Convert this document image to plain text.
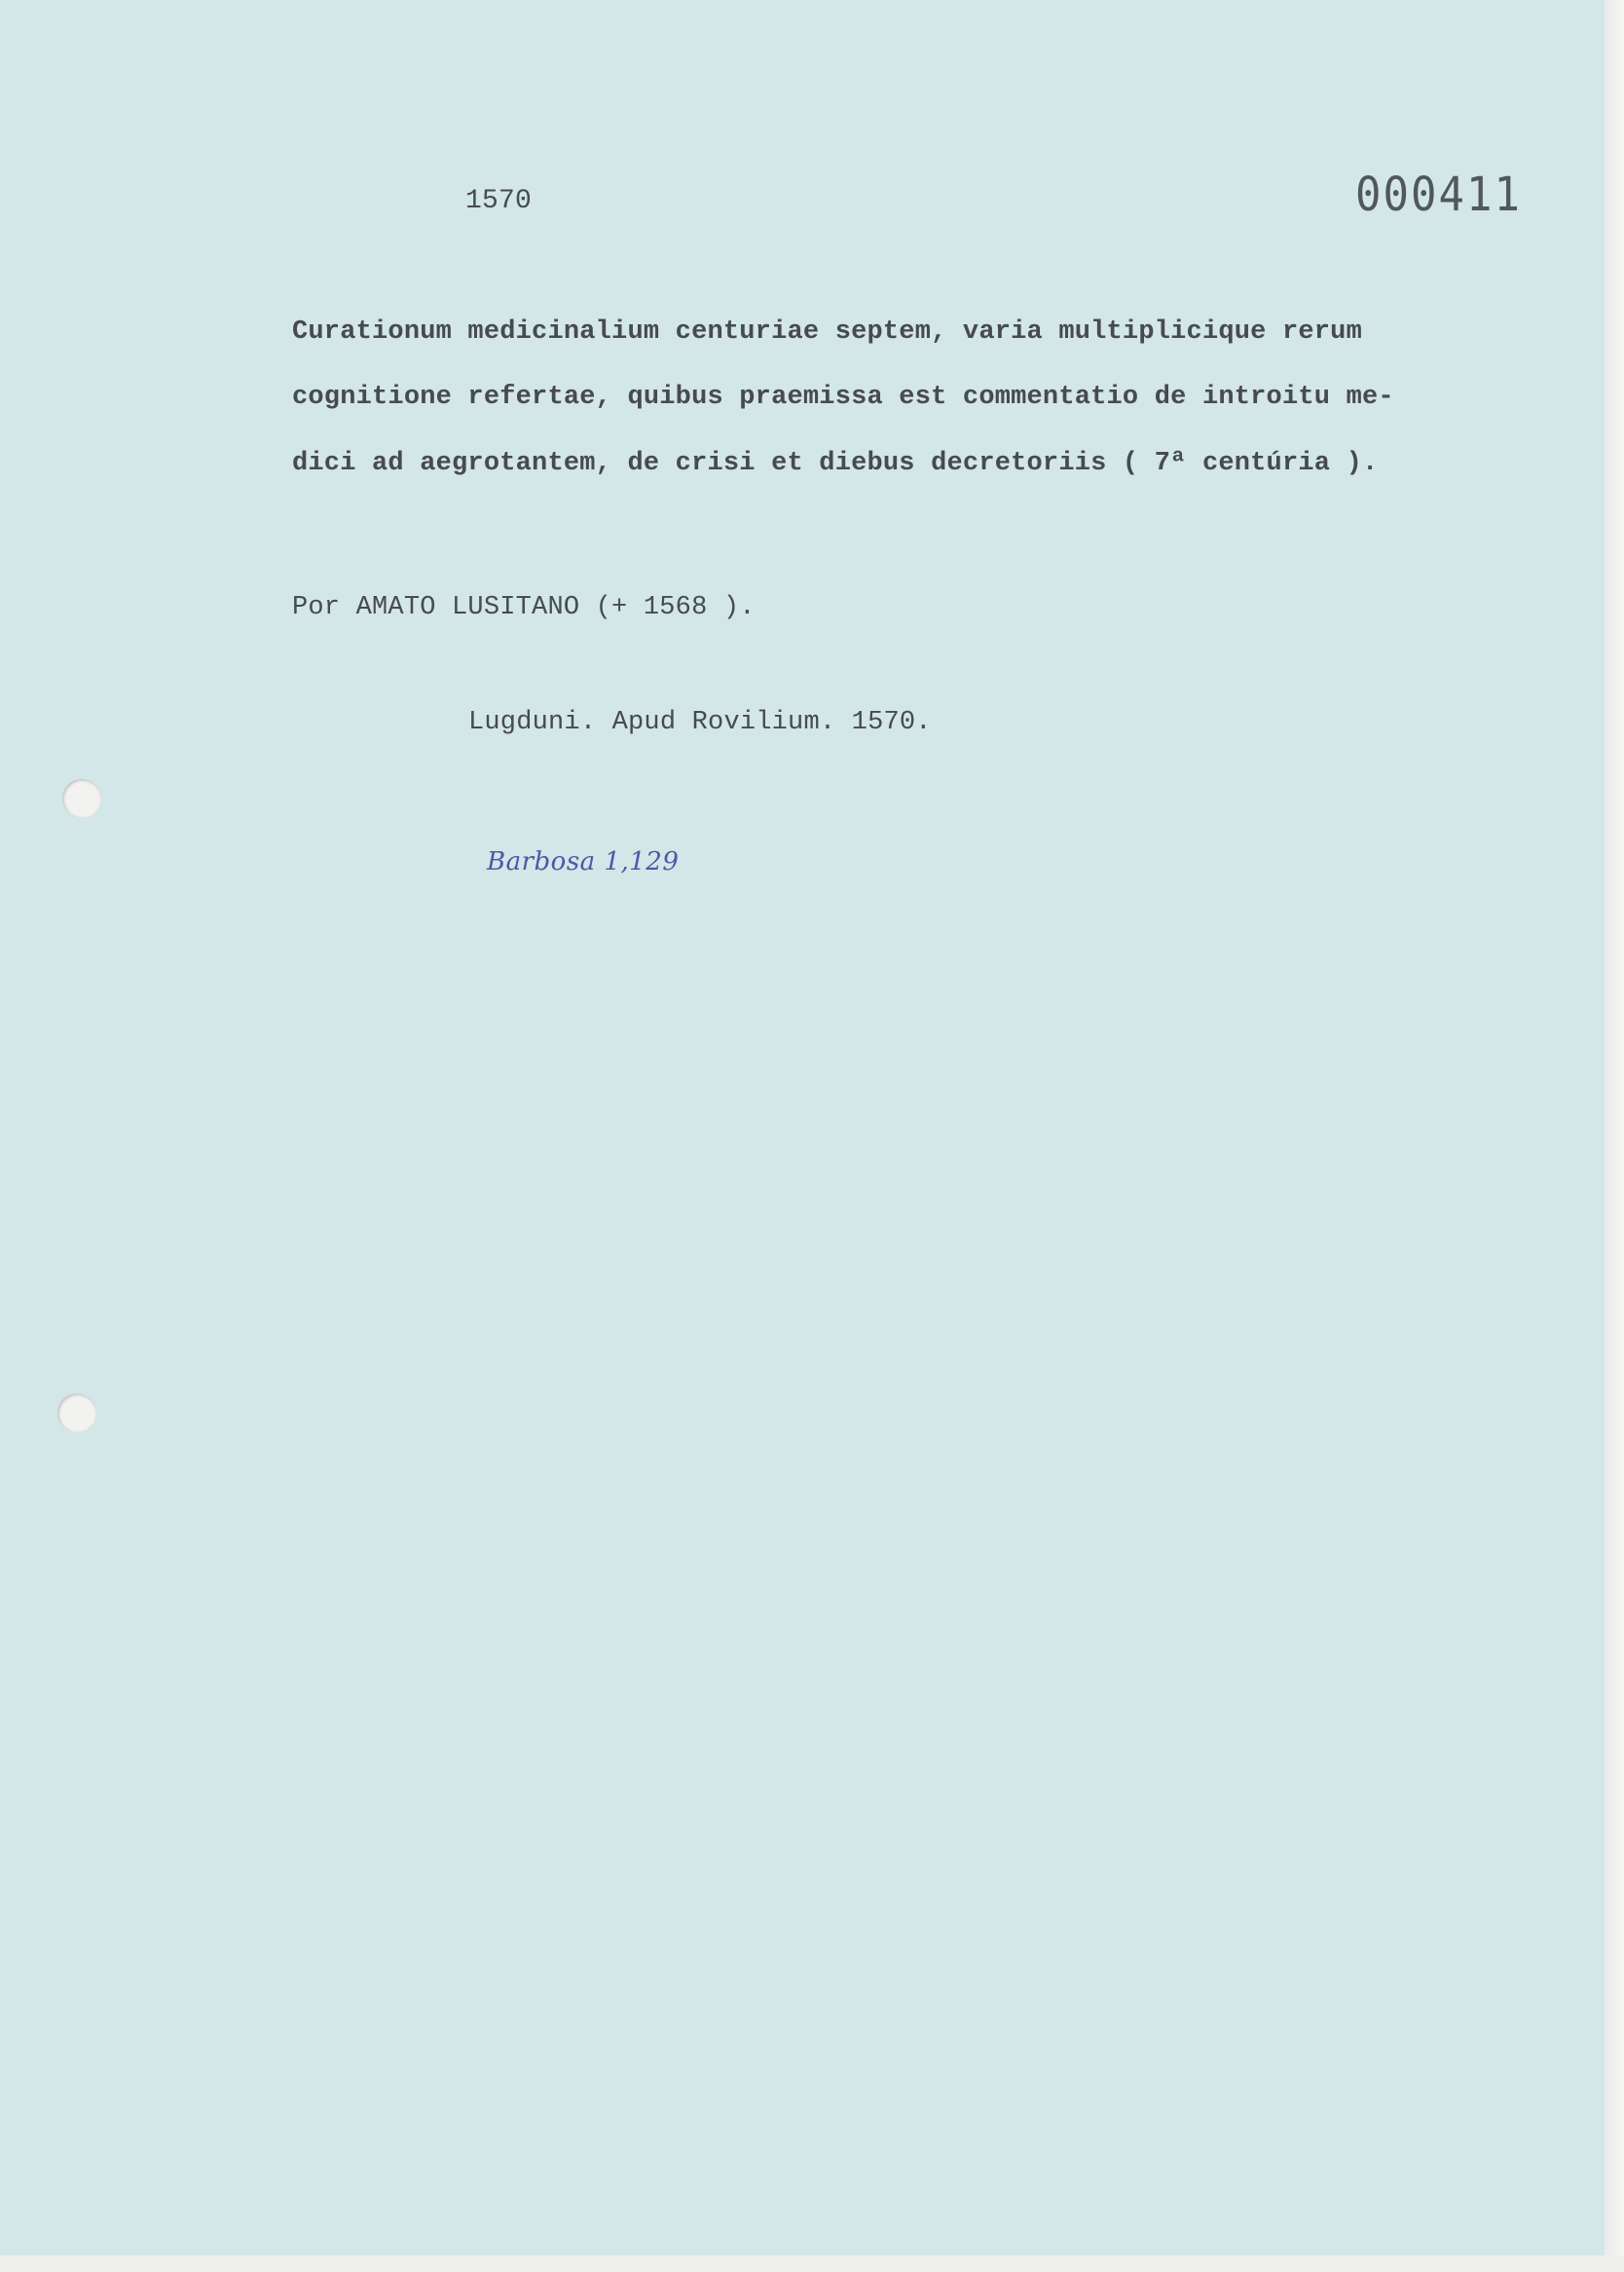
1570	000411
Curationum medicinalium centuriae septem, varia multiplicique rerum
cognitione refertae, quibus praemissa est commentatio de introitu me-
dici ad aegrotantem, de crisi et diebus decretoriis ( 7ª centúria ).
Por AMATO LUSITANO (+ 1568 ).
Lugduni. Apud Rovilium. 1570.
Barbosa 1,129
